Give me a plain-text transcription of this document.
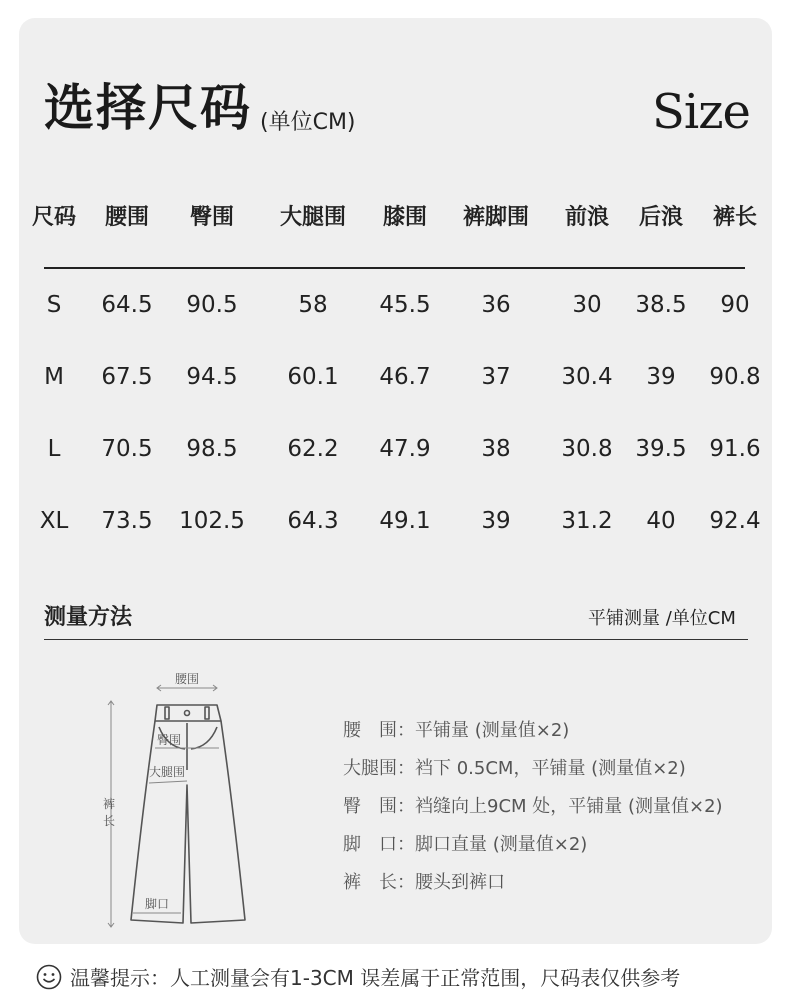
选择尺码 (单位CM)	Size
尺码 腰围 臀围 大腿围 膝围 裤脚围 前浪 后浪 裤长
S 64.5 90.5	58 45.5 36	30 38.5 90
M 67.5 94.5 60.1 46.7 37 30.4 39 90.8
L 70.5 98.5 62.2 47.9 38 30.8 39.5 91.6
XL 73.5 102.5 64.3 49.1 39 31.2 40 92.4
测量方法	平铺测量 /单位CM
腰围
裤
长
臀围
大腿围
脚口
腰　围：平铺量 (测量值×2)
大腿围：裆下 0.5CM，平铺量 (测量值×2)
臀　围：裆缝向上9CM 处，平铺量 (测量值×2)
脚　口：脚口直量 (测量值×2)
裤　长：腰头到裤口
温馨提示：人工测量会有1-3CM 误差属于正常范围，尺码表仅供参考
